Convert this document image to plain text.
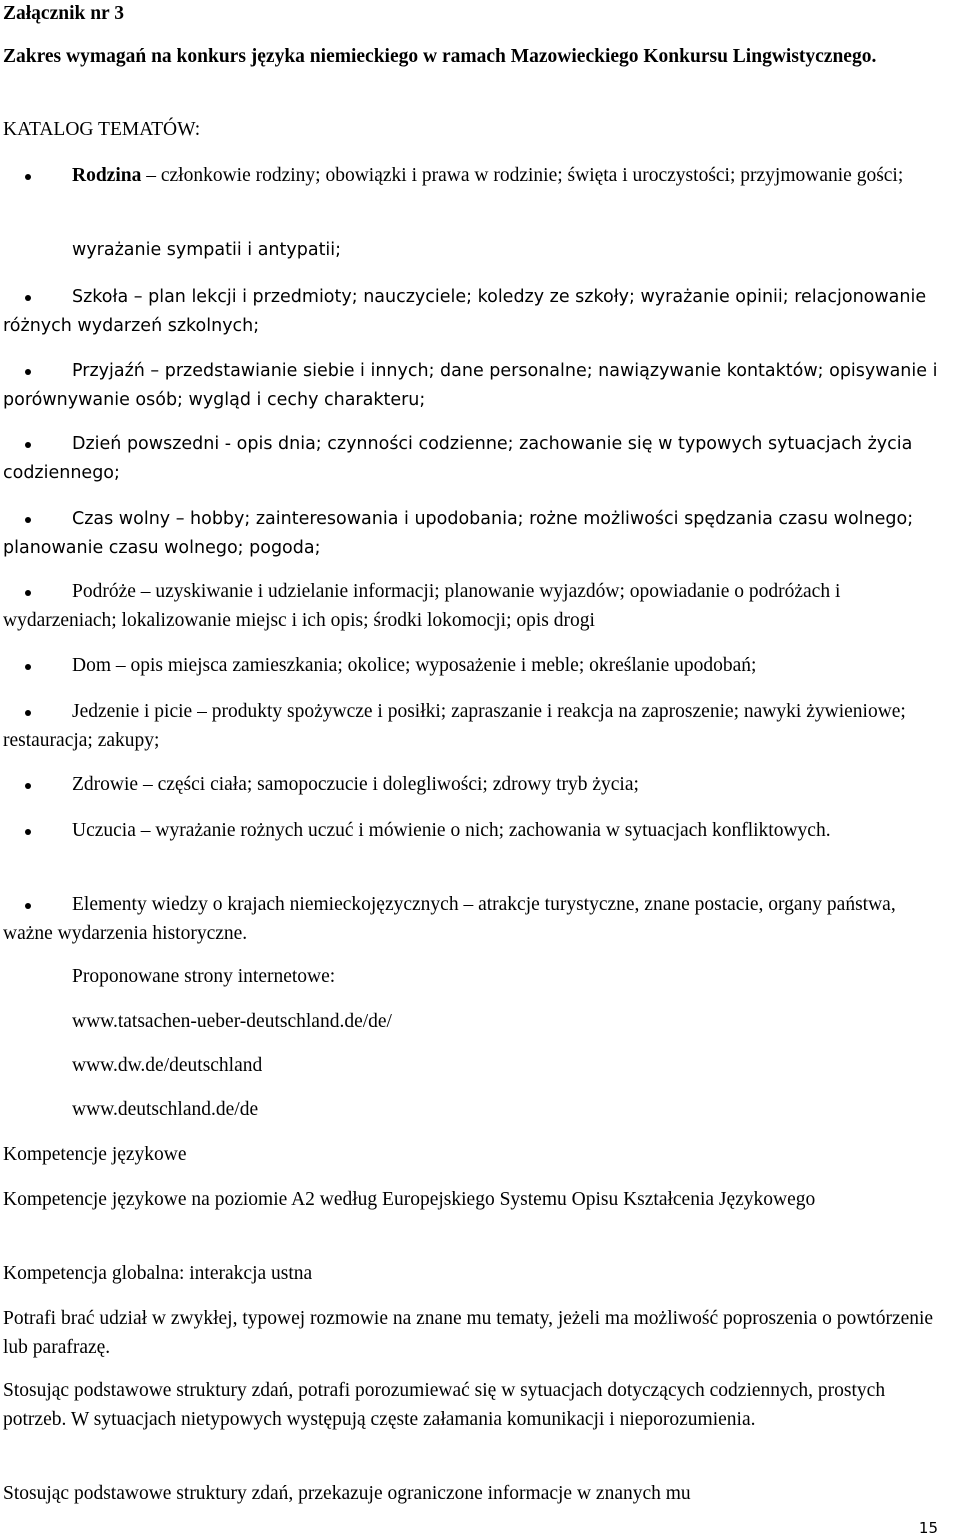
Załącznik nr 3
Zakres wymagań na konkurs języka niemieckiego w ramach Mazowieckiego Konkursu Lingwistycznego.
KATALOG TEMATÓW:
Rodzina – członkowie rodziny; obowiązki i prawa w rodzinie; święta i uroczystości; przyjmowanie gości;
wyrażanie sympatii i antypatii;
Szkoła – plan lekcji i przedmioty; nauczyciele; koledzy ze szkoły; wyrażanie opinii; relacjonowanie różnych wydarzeń szkolnych;
Przyjaźń – przedstawianie siebie i innych; dane personalne; nawiązywanie kontaktów; opisywanie i porównywanie osób; wygląd i cechy charakteru;
Dzień powszedni - opis dnia; czynności codzienne; zachowanie się w typowych sytuacjach życia codziennego;
Czas wolny – hobby; zainteresowania i upodobania; rożne możliwości spędzania czasu wolnego; planowanie czasu wolnego; pogoda;
Podróże – uzyskiwanie i udzielanie informacji; planowanie wyjazdów; opowiadanie o podróżach i wydarzeniach; lokalizowanie miejsc i ich opis; środki lokomocji; opis drogi
Dom – opis miejsca zamieszkania; okolice; wyposażenie i meble; określanie upodobań;
Jedzenie i picie – produkty spożywcze i posiłki; zapraszanie i reakcja na zaproszenie; nawyki żywieniowe; restauracja; zakupy;
Zdrowie – części ciała; samopoczucie i dolegliwości; zdrowy tryb życia;
Uczucia – wyrażanie rożnych uczuć i mówienie o nich; zachowania w sytuacjach konfliktowych.
Elementy wiedzy o krajach niemieckojęzycznych – atrakcje turystyczne, znane postacie, organy państwa, ważne wydarzenia historyczne.
Proponowane strony internetowe:
www.tatsachen-ueber-deutschland.de/de/
www.dw.de/deutschland
www.deutschland.de/de
Kompetencje językowe
Kompetencje językowe na poziomie A2 według Europejskiego Systemu Opisu Kształcenia Językowego
Kompetencja globalna: interakcja ustna
Potrafi brać udział w zwykłej, typowej rozmowie na znane mu tematy, jeżeli ma możliwość poproszenia o powtórzenie lub parafrazę.
Stosując podstawowe struktury zdań, potrafi porozumiewać się w sytuacjach dotyczących codziennych, prostych potrzeb. W sytuacjach nietypowych występują częste załamania komunikacji i nieporozumienia.
Stosując podstawowe struktury zdań, przekazuje ograniczone informacje w znanych mu
15
